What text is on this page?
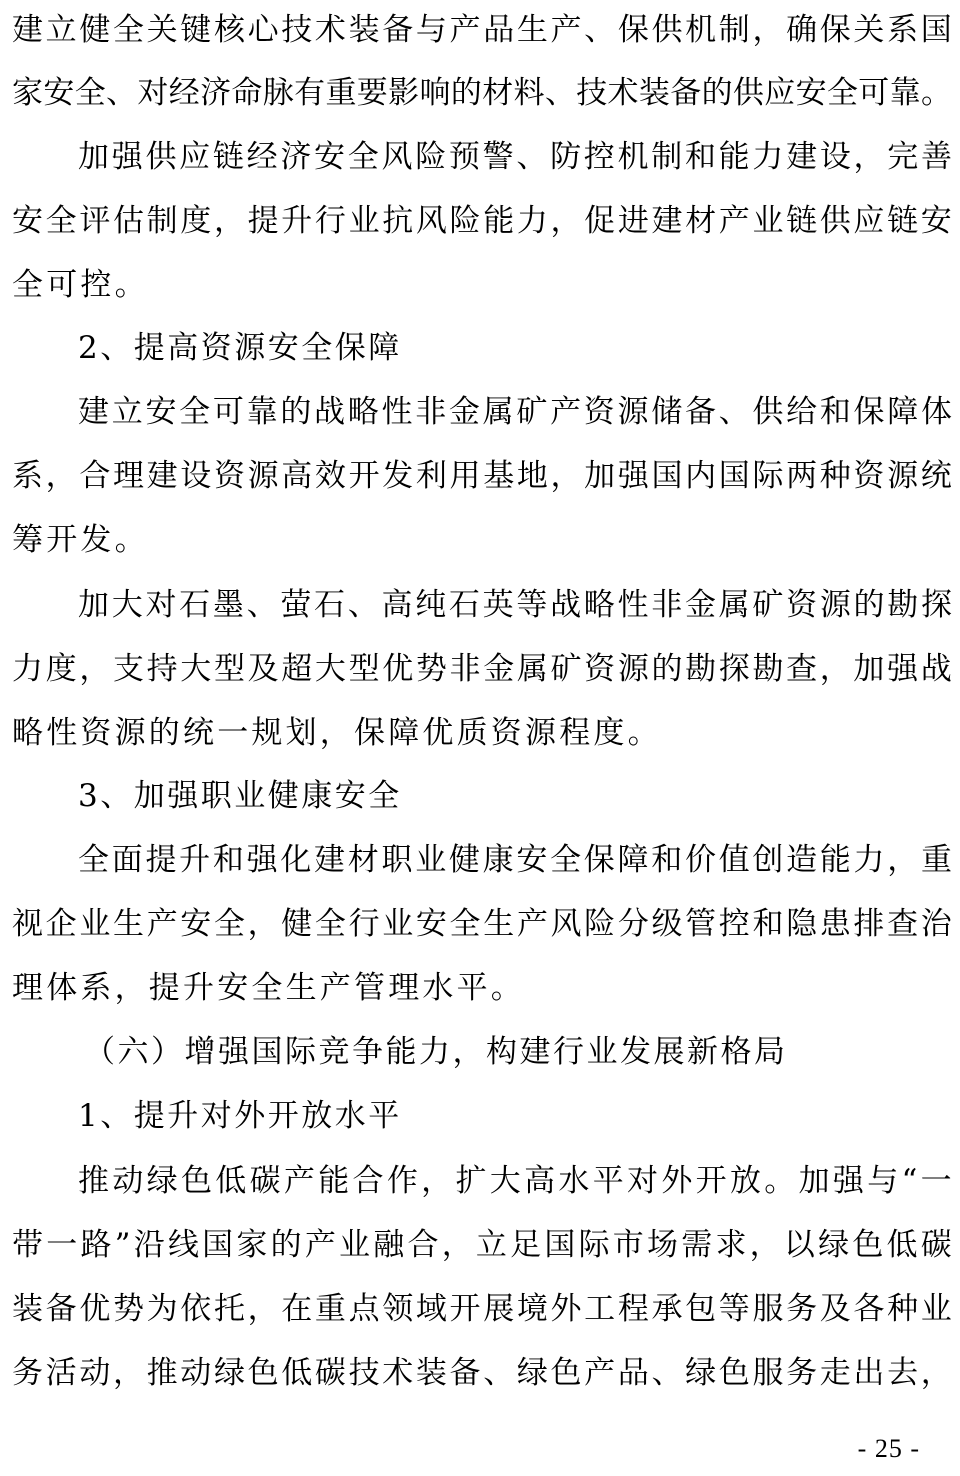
建 立 健 全 关 键 核 心 技 术 装 备 与 产 品 生 产 、 保 供 机 制 ， 确 保 关 系 国
家 安 全 、 对 经 济 命 脉 有 重 要 影 响 的 材 料 、 技 术 装 备 的 供 应 安 全 可 靠 。
加 强 供 应 链 经 济 安 全 风 险 预 警 、 防 控 机 制 和 能 力 建 设 ， 完 善
安 全 评 估 制 度 ， 提 升 行 业 抗 风 险 能 力 ， 促 进 建 材 产 业 链 供 应 链 安
全可控。
2、提高资源安全保障
建 立 安 全 可 靠 的 战 略 性 非 金 属 矿 产 资 源 储 备 、 供 给 和 保 障 体
系 ， 合 理 建 设 资 源 高 效 开 发 利 用 基 地 ， 加 强 国 内 国 际 两 种 资 源 统
筹开发。
加 大 对 石 墨 、 萤 石 、 高 纯 石 英 等 战 略 性 非 金 属 矿 资 源 的 勘 探
力 度 ， 支 持 大 型 及 超 大 型 优 势 非 金 属 矿 资 源 的 勘 探 勘 查 ， 加 强 战
略性资源的统一规划，保障优质资源程度。
3、加强职业健康安全
全 面 提 升 和 强 化 建 材 职 业 健 康 安 全 保 障 和 价 值 创 造 能 力 ， 重
视 企 业 生 产 安 全 ， 健 全 行 业 安 全 生 产 风 险 分 级 管 控 和 隐 患 排 查 治
理体系，提升安全生产管理水平。
（六）增强国际竞争能力，构建行业发展新格局
1、提升对外开放水平
推 动 绿 色 低 碳 产 能 合 作 ， 扩 大 高 水 平 对 外 开 放 。 加 强 与 “ 一
带 一 路 ” 沿 线 国 家 的 产 业 融 合 ， 立 足 国 际 市 场 需 求 ， 以 绿 色 低 碳
装 备 优 势 为 依 托 ， 在 重 点 领 域 开 展 境 外 工 程 承 包 等 服 务 及 各 种 业
务 活 动 ， 推 动 绿 色 低 碳 技 术 装 备 、 绿 色 产 品 、 绿 色 服 务 走 出 去 ，
- 25 -
